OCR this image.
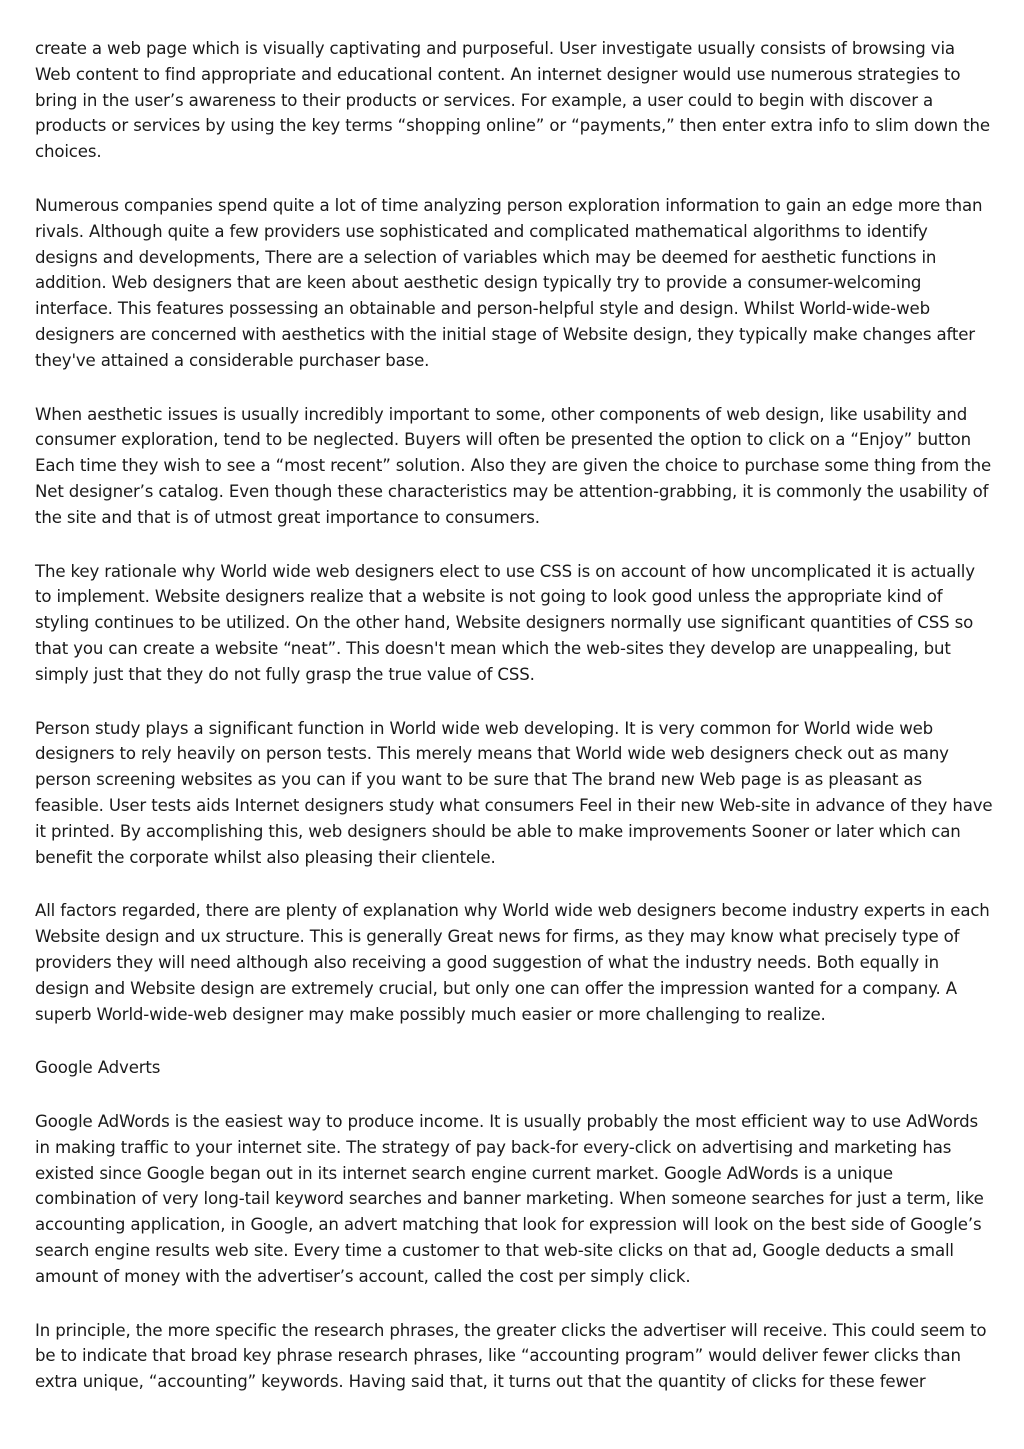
create a web page which is visually captivating and purposeful. User investigate usually consists of browsing via Web content to find appropriate and educational content. An internet designer would use numerous strategies to bring in the user’s awareness to their products or services. For example, a user could to begin with discover a products or services by using the key terms “shopping online” or “payments,” then enter extra info to slim down the choices.

Numerous companies spend quite a lot of time analyzing person exploration information to gain an edge more than rivals. Although quite a few providers use sophisticated and complicated mathematical algorithms to identify designs and developments, There are a selection of variables which may be deemed for aesthetic functions in addition. Web designers that are keen about aesthetic design typically try to provide a consumer-welcoming interface. This features possessing an obtainable and person-helpful style and design. Whilst World-wide-web designers are concerned with aesthetics with the initial stage of Website design, they typically make changes after they've attained a considerable purchaser base.

When aesthetic issues is usually incredibly important to some, other components of web design, like usability and consumer exploration, tend to be neglected. Buyers will often be presented the option to click on a “Enjoy” button Each time they wish to see a “most recent” solution. Also they are given the choice to purchase some thing from the Net designer’s catalog. Even though these characteristics may be attention-grabbing, it is commonly the usability of the site and that is of utmost great importance to consumers.

The key rationale why World wide web designers elect to use CSS is on account of how uncomplicated it is actually to implement. Website designers realize that a website is not going to look good unless the appropriate kind of styling continues to be utilized. On the other hand, Website designers normally use significant quantities of CSS so that you can create a website “neat”. This doesn't mean which the web-sites they develop are unappealing, but simply just that they do not fully grasp the true value of CSS.

Person study plays a significant function in World wide web developing. It is very common for World wide web designers to rely heavily on person tests. This merely means that World wide web designers check out as many person screening websites as you can if you want to be sure that The brand new Web page is as pleasant as feasible. User tests aids Internet designers study what consumers Feel in their new Web-site in advance of they have it printed. By accomplishing this, web designers should be able to make improvements Sooner or later which can benefit the corporate whilst also pleasing their clientele.

All factors regarded, there are plenty of explanation why World wide web designers become industry experts in each Website design and ux structure. This is generally Great news for firms, as they may know what precisely type of providers they will need although also receiving a good suggestion of what the industry needs. Both equally in design and Website design are extremely crucial, but only one can offer the impression wanted for a company. A superb World-wide-web designer may make possibly much easier or more challenging to realize.

Google Adverts

Google AdWords is the easiest way to produce income. It is usually probably the most efficient way to use AdWords in making traffic to your internet site. The strategy of pay back-for every-click on advertising and marketing has existed since Google began out in its internet search engine current market. Google AdWords is a unique combination of very long-tail keyword searches and banner marketing. When someone searches for just a term, like accounting application, in Google, an advert matching that look for expression will look on the best side of Google’s search engine results web site. Every time a customer to that web-site clicks on that ad, Google deducts a small amount of money with the advertiser’s account, called the cost per simply click.

In principle, the more specific the research phrases, the greater clicks the advertiser will receive. This could seem to be to indicate that broad key phrase research phrases, like “accounting program” would deliver fewer clicks than extra unique, “accounting” keywords. Having said that, it turns out that the quantity of clicks for these fewer
